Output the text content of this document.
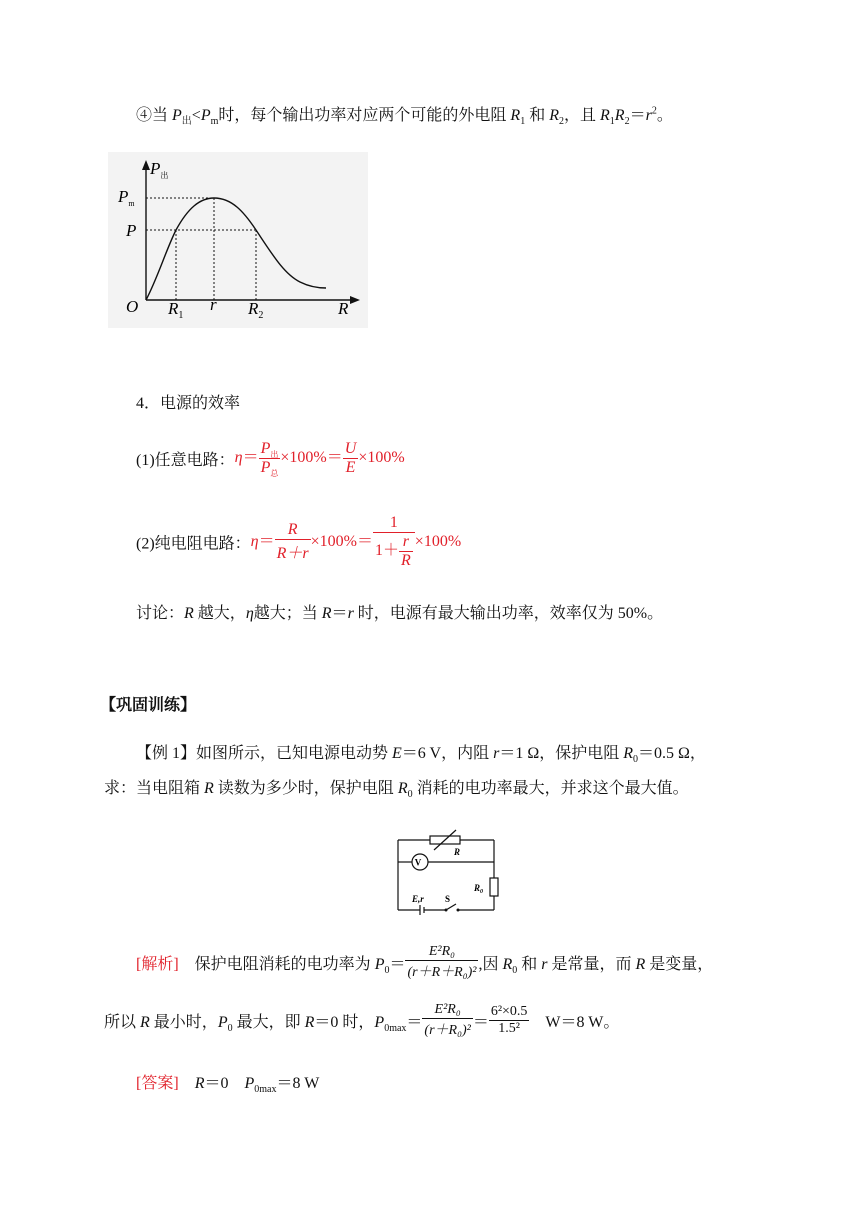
④当 $P_出<P_m$时，每个输出功率对应两个可能的外电阻 $R_1$ 和 $R_2$，且 $R_1R_2=r^2$。
$P_出$
$P_m$
P
O $R_1$
r $R_2$	R
4．电源的效率
(1)任意电路：$\eta= \frac{P_出}{P_总} \times 100\%= \frac{U}{E} \times 100\%$
(2)纯电阻电路：$\eta= \frac{R}{R+r} \times 100\%= \frac{1}{1+ \frac{r}{R}} \times 100\%$
讨论：R 越大，η越大；当 R＝r 时，电源有最大输出功率，效率仅为 50%。
【巩固训练】
【例 1】如图所示，已知电源电动势 E＝6 V，内阻 r＝1 Ω，保护电阻 $R_0=0.5$ Ω，
求：当电阻箱 R 读数为多少时，保护电阻 $R_0$ 消耗的电功率最大，并求这个最大值。
V
R
$R_0$
E,r S
[解析]　保护电阻消耗的电功率为 $P_0= \frac{\text{E²R₀}}{\text{(r＋R＋R₀)²}}$ ,因 $R_0$ 和 r 是常量，而 R 是变量，
所以 R 最小时，$P_0$ 最大，即 R＝0 时，$P_{0max}= \frac{\text{E²R₀}}{\text{(r＋R₀)²}} = \frac{\text{6²×0.5}}{\text{1.5²}}$ 　W＝8 W。
[答案]　 R＝0　$P_{0max}=8$ W
